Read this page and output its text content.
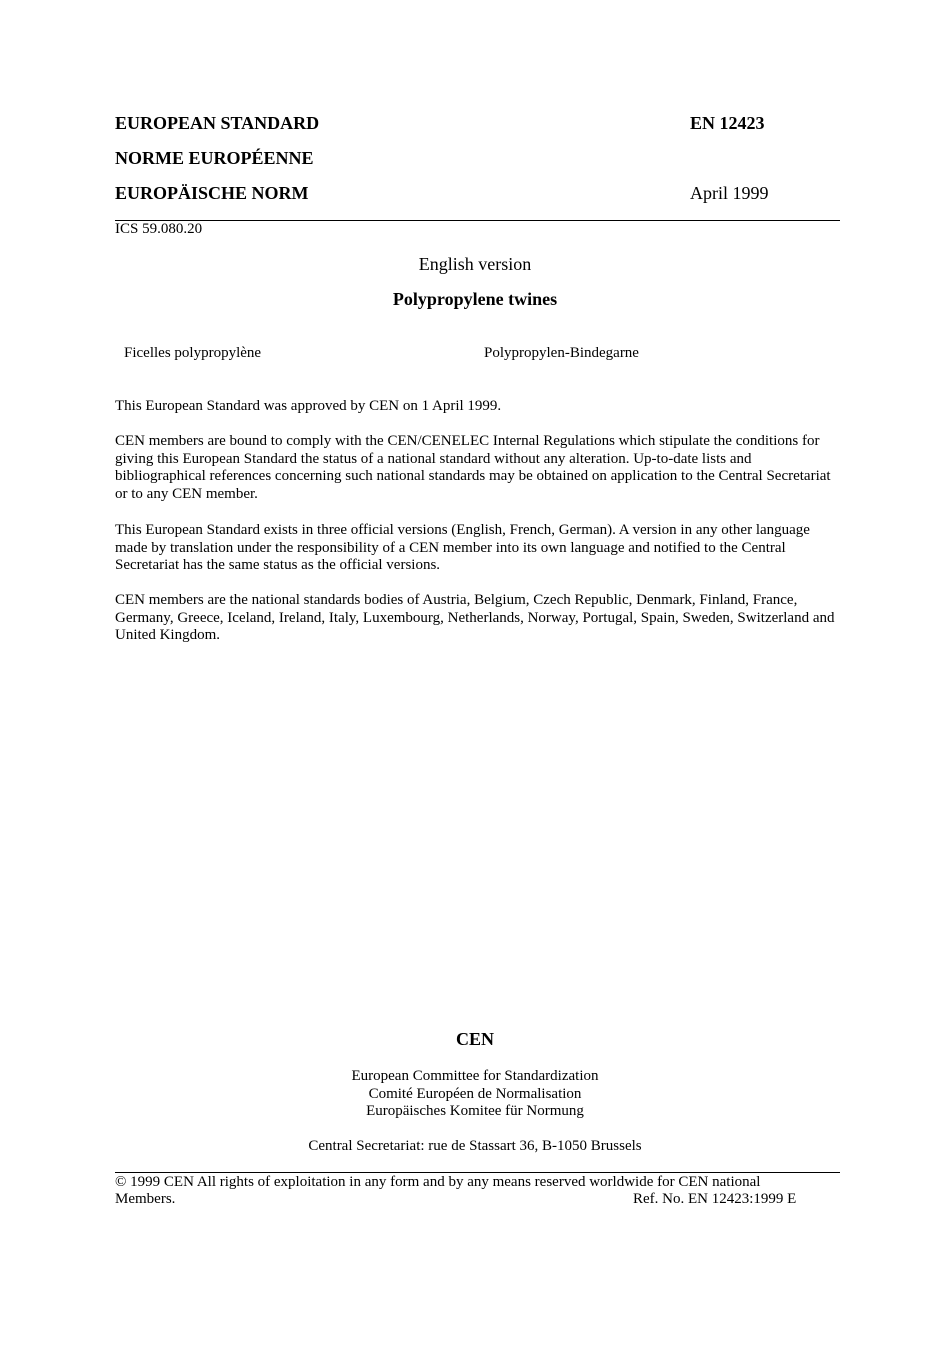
EUROPEAN STANDARD	EN 12423
NORME EUROPÉENNE
EUROPÄISCHE NORM	April 1999
ICS 59.080.20
English version
Polypropylene twines
Ficelles polypropylène	Polypropylen-Bindegarne
This European Standard was approved by CEN on 1 April 1999.
CEN members are bound to comply with the CEN/CENELEC Internal Regulations which stipulate the conditions for giving this European Standard the status of a national standard without any alteration. Up-to-date lists and bibliographical references concerning such national standards may be obtained on application to the Central Secretariat or to any CEN member.
This European Standard exists in three official versions (English, French, German). A version in any other language made by translation under the responsibility of a CEN member into its own language and notified to the Central Secretariat has the same status as the official versions.
CEN members are the national standards bodies of Austria, Belgium, Czech Republic, Denmark, Finland, France, Germany, Greece, Iceland, Ireland, Italy, Luxembourg, Netherlands, Norway, Portugal, Spain, Sweden, Switzerland and United Kingdom.
CEN
European Committee for Standardization
Comité Européen de Normalisation
Europäisches Komitee für Normung
Central Secretariat: rue de Stassart 36, B-1050 Brussels
© 1999 CEN All rights of exploitation in any form and by any means reserved worldwide for CEN national
Members.	Ref. No. EN 12423:1999 E
